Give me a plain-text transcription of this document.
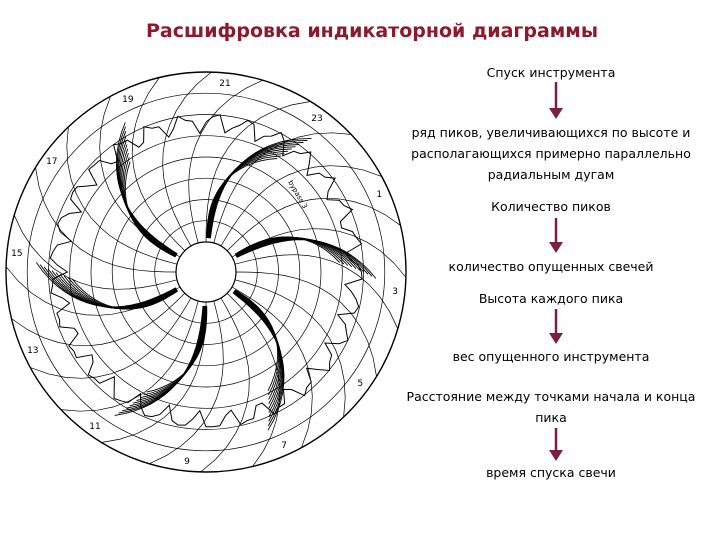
Расшифровка индикаторной диаграммы
21
23
1
3
5
7
9
11
13
15
17
19
bypass 3
Спуск инструмента
ряд пиков, увеличивающихся по высоте и располагающихся примерно параллельно радиальным дугам
Количество пиков
количество опущенных свечей
Высота каждого пика
вес опущенного инструмента
Расстояние между точками начала и конца пика
время спуска свечи
